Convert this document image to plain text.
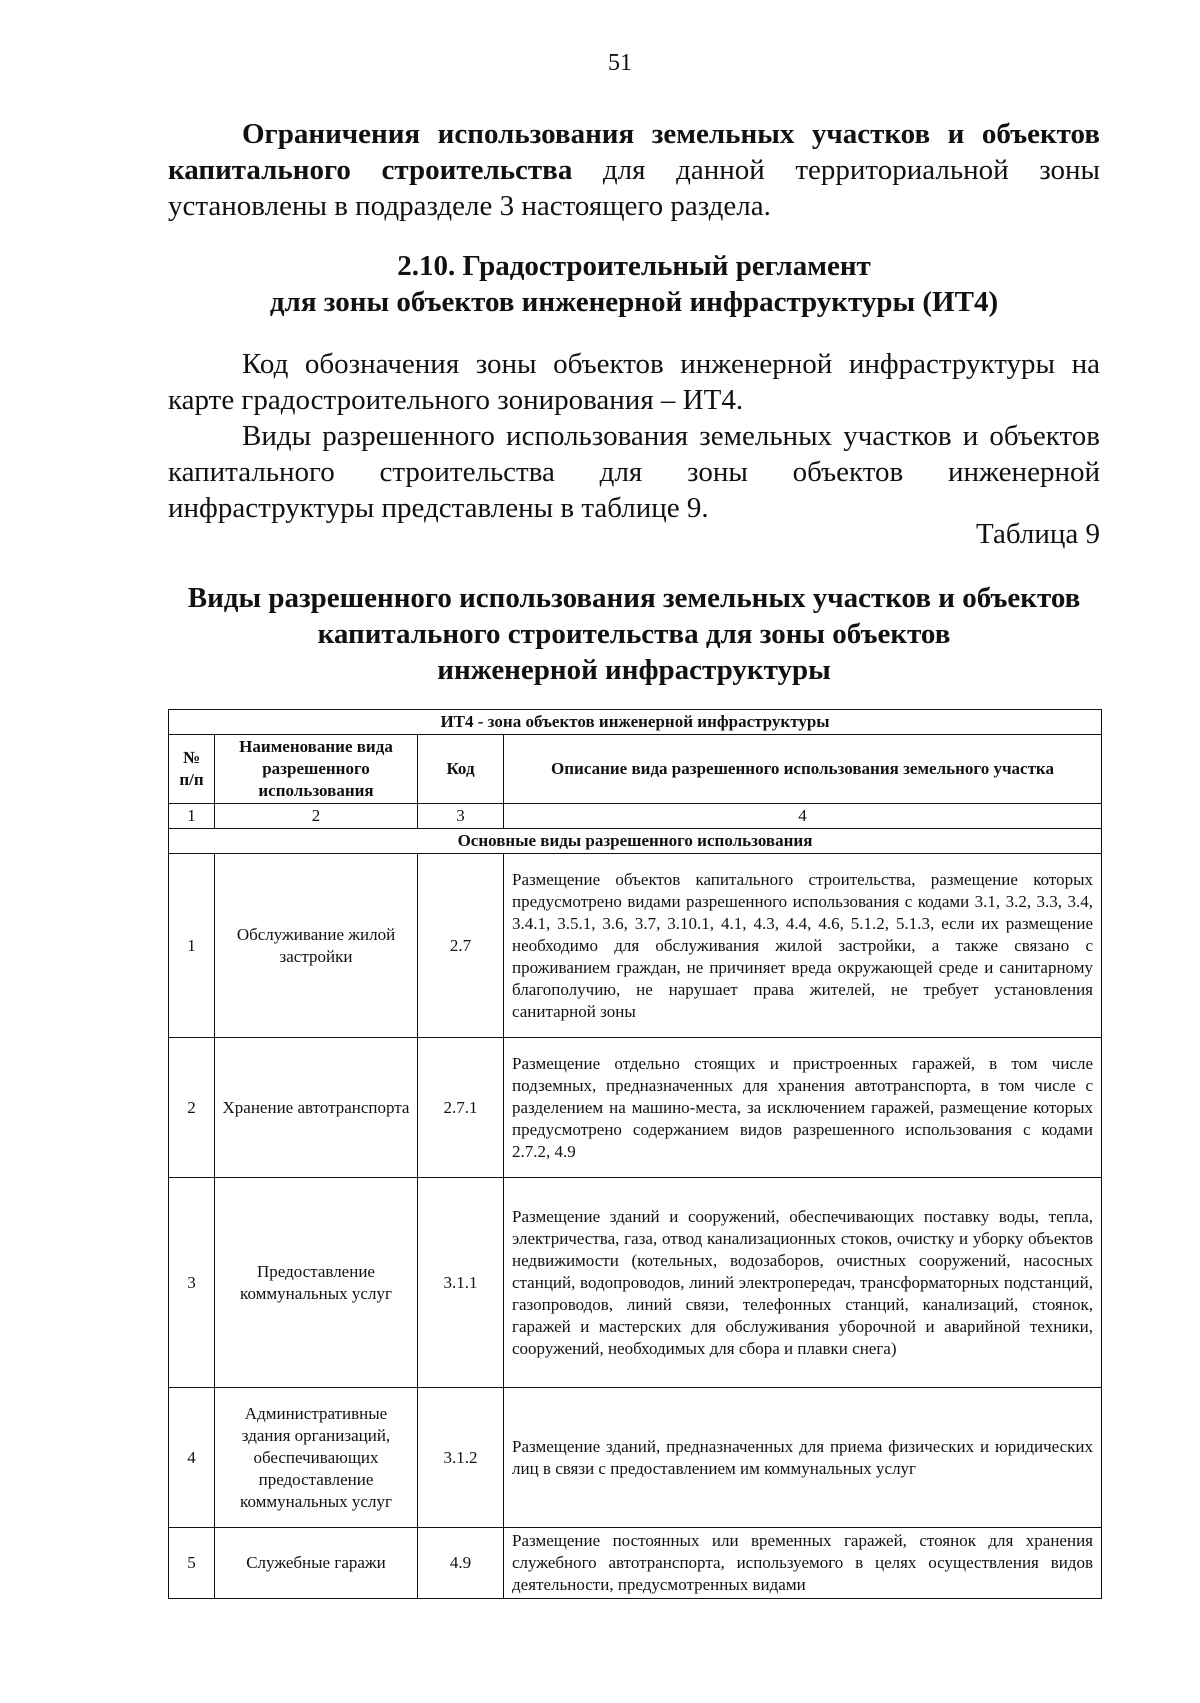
51
Ограничения использования земельных участков и объектов капитального строительства для данной территориальной зоны установлены в подразделе 3 настоящего раздела.
2.10. Градостроительный регламент
для зоны объектов инженерной инфраструктуры (ИТ4)
Код обозначения зоны объектов инженерной инфраструктуры на карте градостроительного зонирования – ИТ4.
Виды разрешенного использования земельных участков и объектов капитального строительства для зоны объектов инженерной инфраструктуры представлены в таблице 9.
Таблица 9
Виды разрешенного использования земельных участков и объектов
капитального строительства для зоны объектов
инженерной инфраструктуры
ИТ4 - зона объектов инженерной инфраструктуры			
№ п/п	Наименование вида разрешенного использования	Код	Описание вида разрешенного использования земельного участка
1	2	3	4
Основные виды разрешенного использования			
1	Обслуживание жилой застройки	2.7	Размещение объектов капитального строительства, размещение которых предусмотрено видами разрешенного использования с кодами 3.1, 3.2, 3.3, 3.4, 3.4.1, 3.5.1, 3.6, 3.7, 3.10.1, 4.1, 4.3, 4.4, 4.6, 5.1.2, 5.1.3, если их размещение необходимо для обслуживания жилой застройки, а также связано с проживанием граждан, не причиняет вреда окружающей среде и санитарному благополучию, не нарушает права жителей, не требует установления санитарной зоны
2	Хранение автотранспорта	2.7.1	Размещение отдельно стоящих и пристроенных гаражей, в том числе подземных, предназначенных для хранения автотранспорта, в том числе с разделением на машино-места, за исключением гаражей, размещение которых предусмотрено содержанием видов разрешенного использования с кодами 2.7.2, 4.9
3	Предоставление коммунальных услуг	3.1.1	Размещение зданий и сооружений, обеспечивающих поставку воды, тепла, электричества, газа, отвод канализационных стоков, очистку и уборку объектов недвижимости (котельных, водозаборов, очистных сооружений, насосных станций, водопроводов, линий электропередач, трансформаторных подстанций, газопроводов, линий связи, телефонных станций, канализаций, стоянок, гаражей и мастерских для обслуживания уборочной и аварийной техники, сооружений, необходимых для сбора и плавки снега)
4	Административные здания организаций, обеспечивающих предоставление коммунальных услуг	3.1.2	Размещение зданий, предназначенных для приема физических и юридических лиц в связи с предоставлением им коммунальных услуг
5	Служебные гаражи	4.9	Размещение постоянных или временных гаражей, стоянок для хранения служебного автотранспорта, используемого в целях осуществления видов деятельности, предусмотренных видами
